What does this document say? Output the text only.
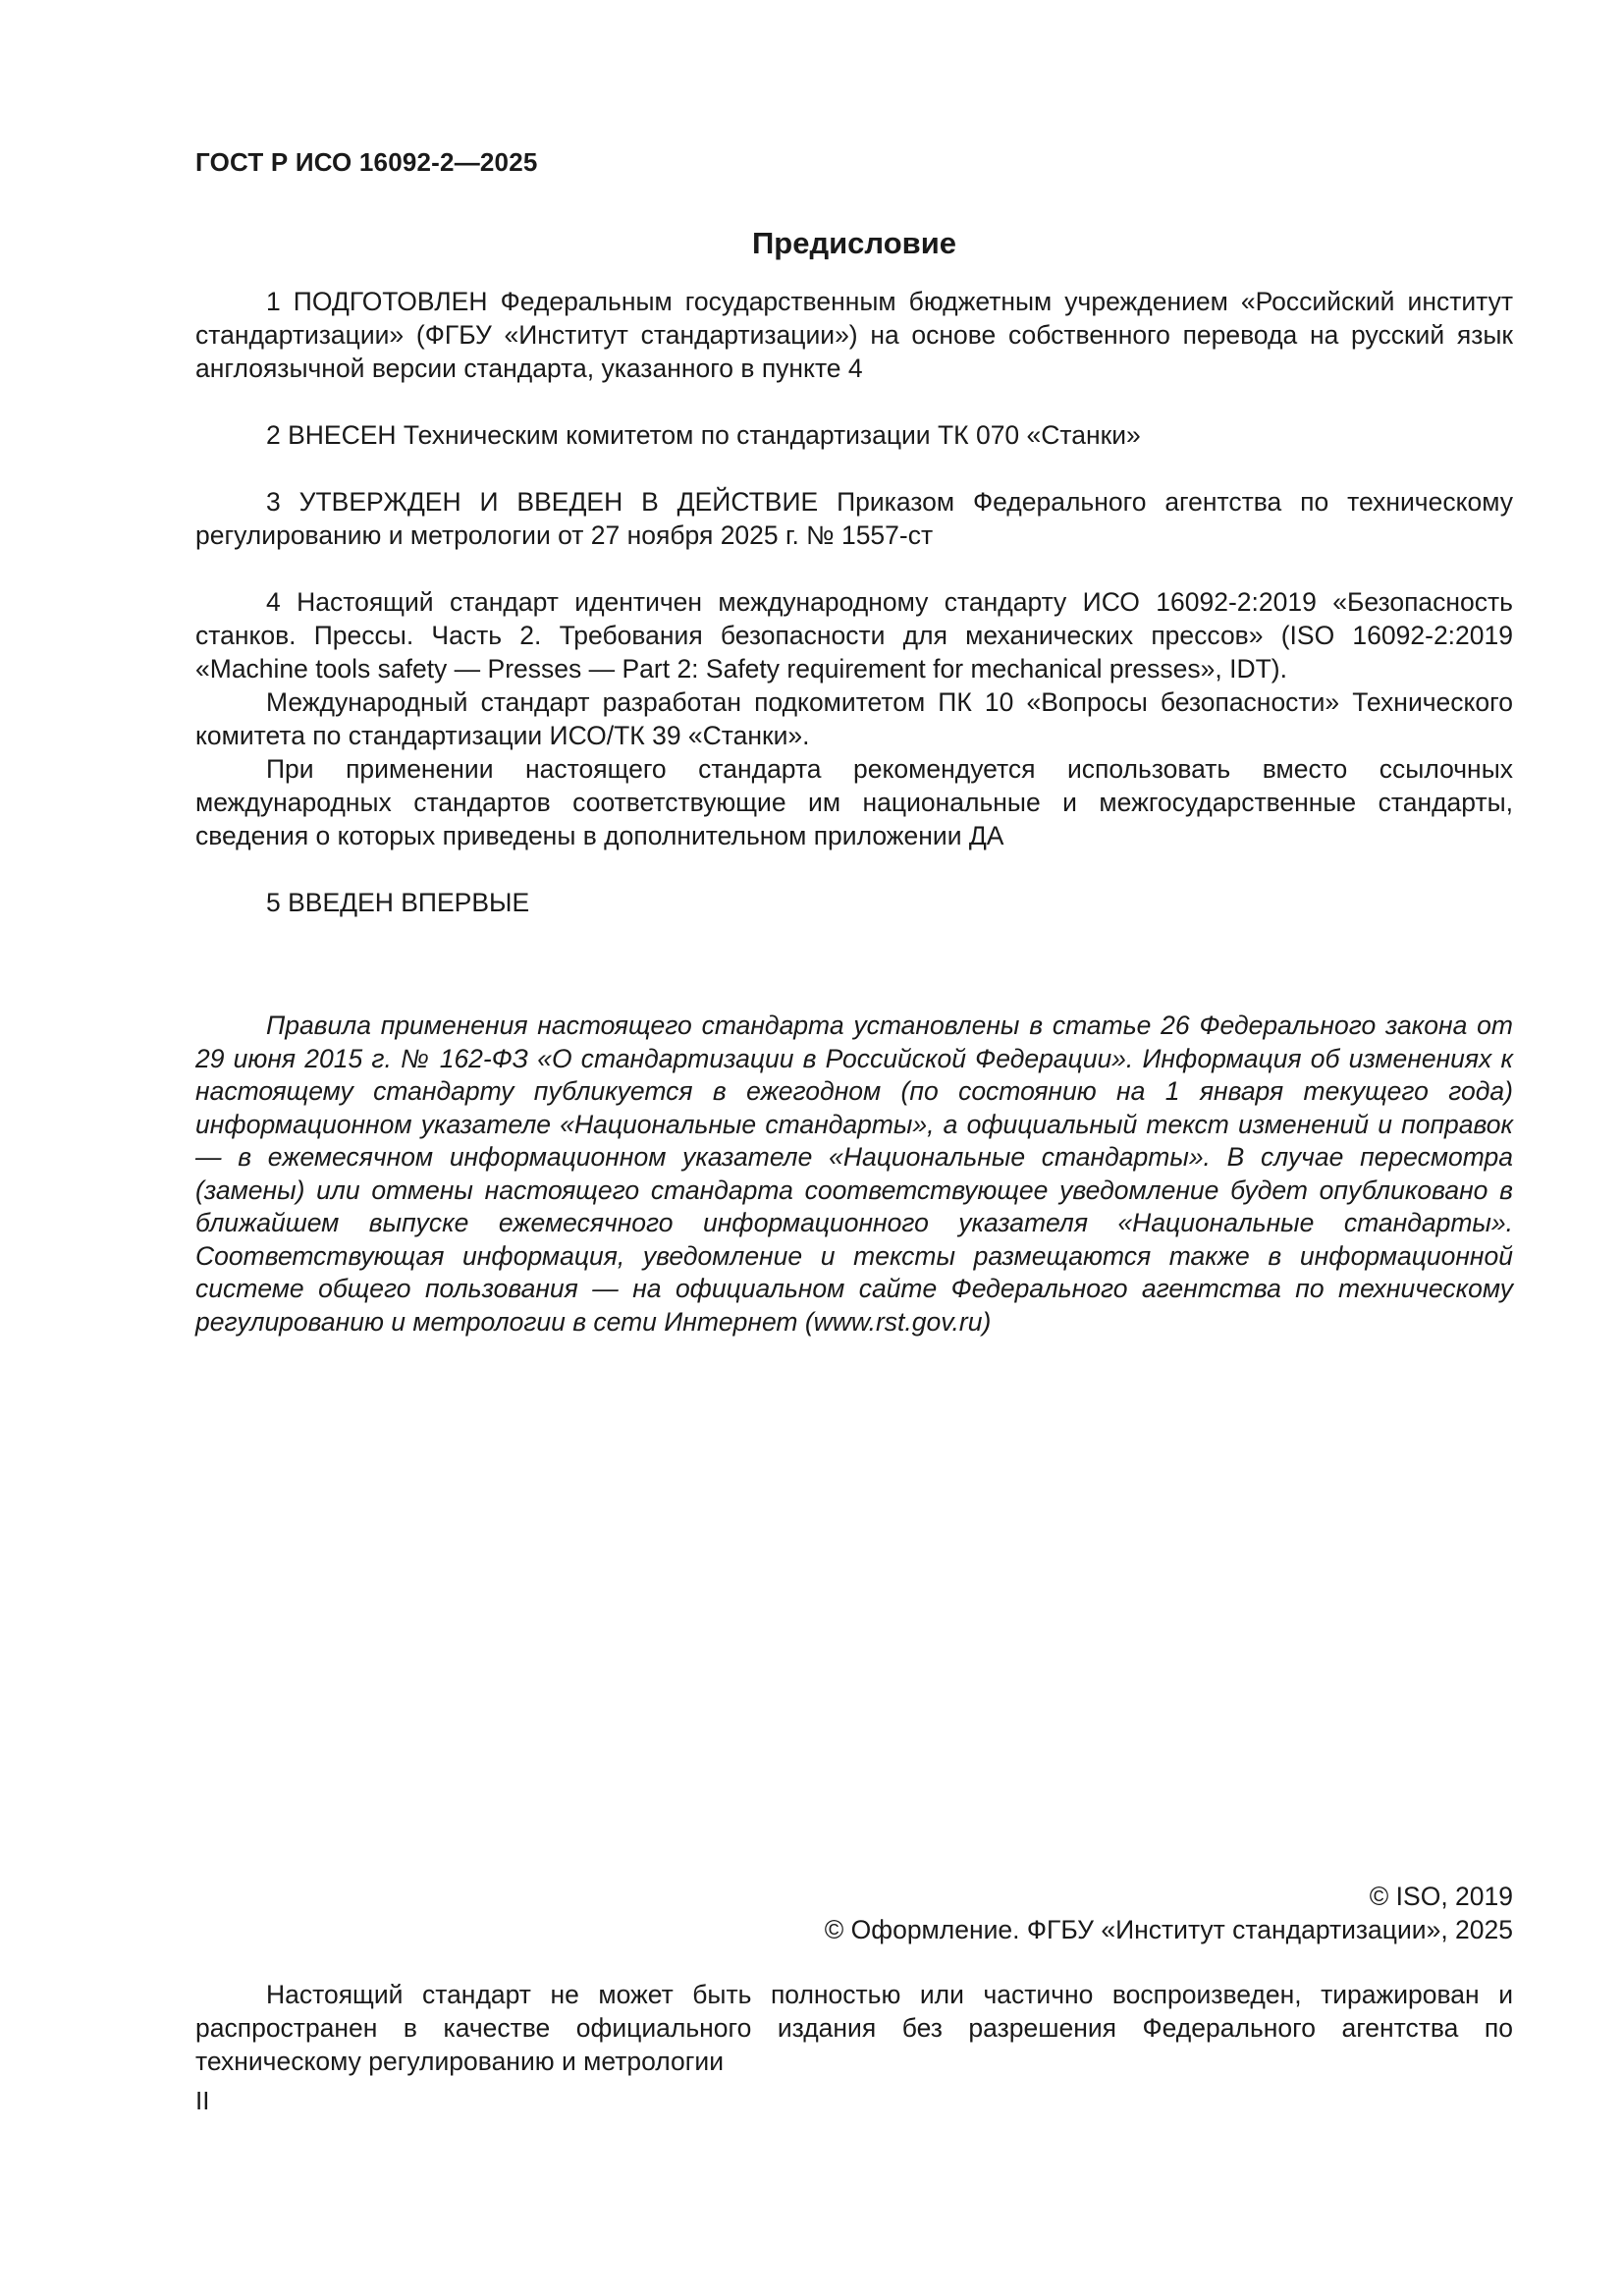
ГОСТ Р ИСО 16092-2—2025
Предисловие

1 ПОДГОТОВЛЕН Федеральным государственным бюджетным учреждением «Российский институт стандартизации» (ФГБУ «Институт стандартизации») на основе собственного перевода на русский язык англоязычной версии стандарта, указанного в пункте 4

2 ВНЕСЕН Техническим комитетом по стандартизации ТК 070 «Станки»

3 УТВЕРЖДЕН И ВВЕДЕН В ДЕЙСТВИЕ Приказом Федерального агентства по техническому регулированию и метрологии от 27 ноября 2025 г. № 1557-ст

4 Настоящий стандарт идентичен международному стандарту ИСО 16092-2:2019 «Безопасность станков. Прессы. Часть 2. Требования безопасности для механических прессов» (ISO 16092-2:2019 «Machine tools safety — Presses — Part 2: Safety requirement for mechanical presses», IDT).

Международный стандарт разработан подкомитетом ПК 10 «Вопросы безопасности» Технического комитета по стандартизации ИСО/ТК 39 «Станки».

При применении настоящего стандарта рекомендуется использовать вместо ссылочных международных стандартов соответствующие им национальные и межгосударственные стандарты, сведения о которых приведены в дополнительном приложении ДА

5 ВВЕДЕН ВПЕРВЫЕ

Правила применения настоящего стандарта установлены в статье 26 Федерального закона от 29 июня 2015 г. № 162-ФЗ «О стандартизации в Российской Федерации». Информация об изменениях к настоящему стандарту публикуется в ежегодном (по состоянию на 1 января текущего года) информационном указателе «Национальные стандарты», а официальный текст изменений и поправок — в ежемесячном информационном указателе «Национальные стандарты». В случае пересмотра (замены) или отмены настоящего стандарта соответствующее уведомление будет опубликовано в ближайшем выпуске ежемесячного информационного указателя «Национальные стандарты». Соответствующая информация, уведомление и тексты размещаются также в информационной системе общего пользования — на официальном сайте Федерального агентства по техническому регулированию и метрологии в сети Интернет (www.rst.gov.ru)

© ISO, 2019
© Оформление. ФГБУ «Институт стандартизации», 2025

Настоящий стандарт не может быть полностью или частично воспроизведен, тиражирован и распространен в качестве официального издания без разрешения Федерального агентства по техническому регулированию и метрологии

II
